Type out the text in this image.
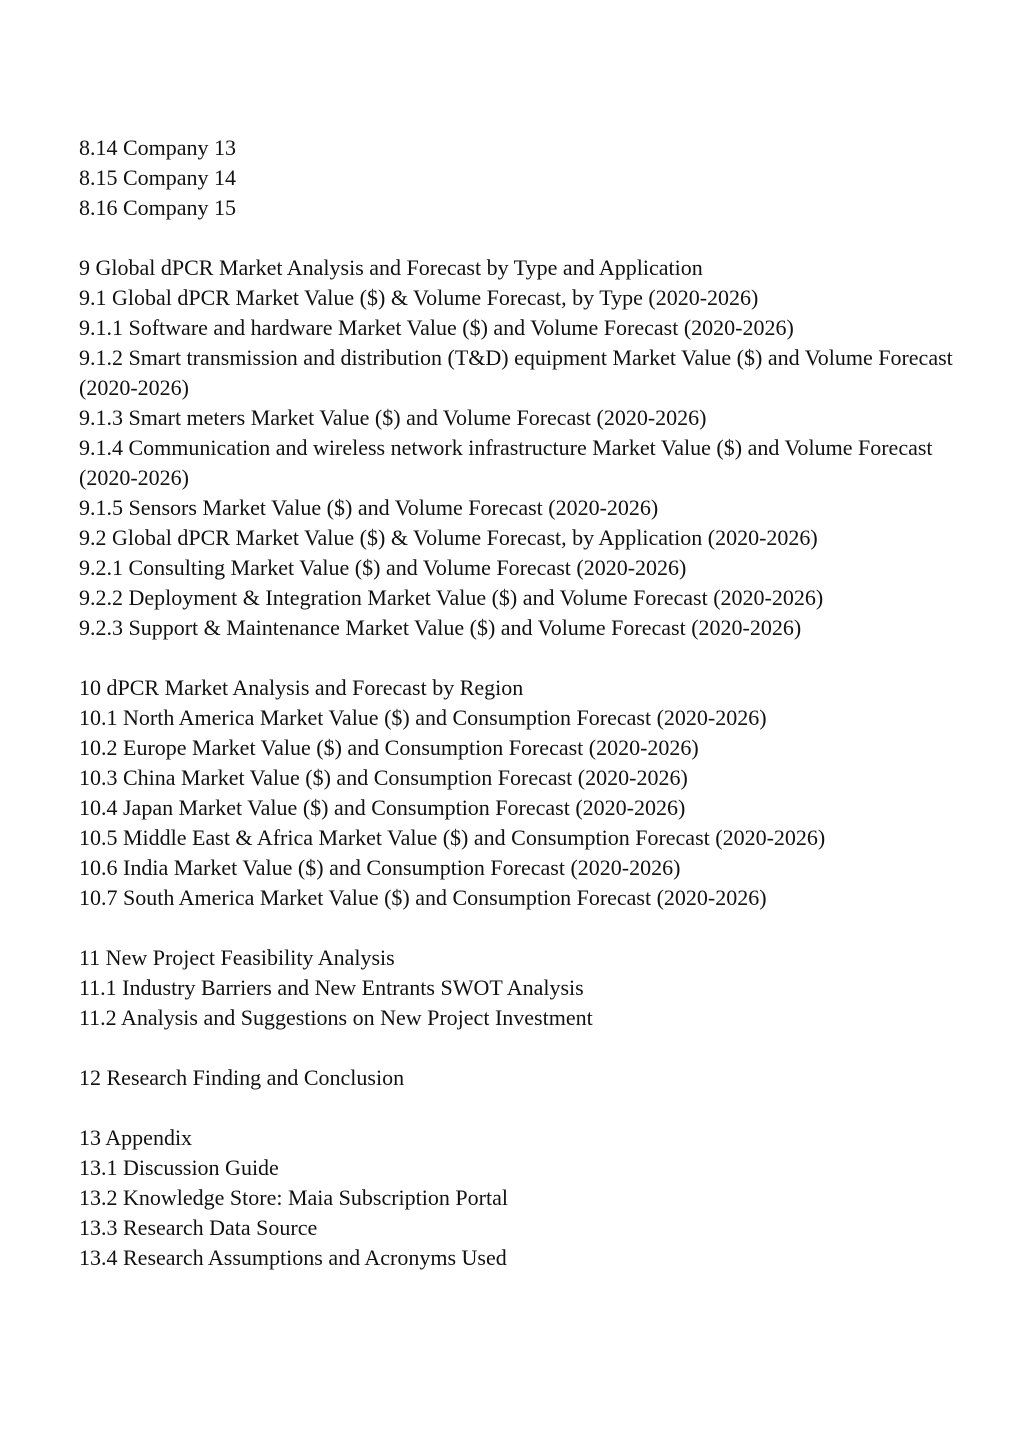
8.14 Company 13
8.15 Company 14
8.16 Company 15
9 Global dPCR Market Analysis and Forecast by Type and Application
9.1 Global dPCR Market Value ($) & Volume Forecast, by Type (2020-2026)
9.1.1 Software and hardware Market Value ($) and Volume Forecast (2020-2026)
9.1.2 Smart transmission and distribution (T&D) equipment Market Value ($) and Volume Forecast (2020-2026)
9.1.3 Smart meters Market Value ($) and Volume Forecast (2020-2026)
9.1.4 Communication and wireless network infrastructure Market Value ($) and Volume Forecast (2020-2026)
9.1.5 Sensors Market Value ($) and Volume Forecast (2020-2026)
9.2 Global dPCR Market Value ($) & Volume Forecast, by Application (2020-2026)
9.2.1 Consulting Market Value ($) and Volume Forecast (2020-2026)
9.2.2 Deployment & Integration Market Value ($) and Volume Forecast (2020-2026)
9.2.3 Support & Maintenance Market Value ($) and Volume Forecast (2020-2026)
10 dPCR Market Analysis and Forecast by Region
10.1 North America Market Value ($) and Consumption Forecast (2020-2026)
10.2 Europe Market Value ($) and Consumption Forecast (2020-2026)
10.3 China Market Value ($) and Consumption Forecast (2020-2026)
10.4 Japan Market Value ($) and Consumption Forecast (2020-2026)
10.5 Middle East & Africa Market Value ($) and Consumption Forecast (2020-2026)
10.6 India Market Value ($) and Consumption Forecast (2020-2026)
10.7 South America Market Value ($) and Consumption Forecast (2020-2026)
11 New Project Feasibility Analysis
11.1 Industry Barriers and New Entrants SWOT Analysis
11.2 Analysis and Suggestions on New Project Investment
12 Research Finding and Conclusion
13 Appendix
13.1 Discussion Guide
13.2 Knowledge Store: Maia Subscription Portal
13.3 Research Data Source
13.4 Research Assumptions and Acronyms Used
